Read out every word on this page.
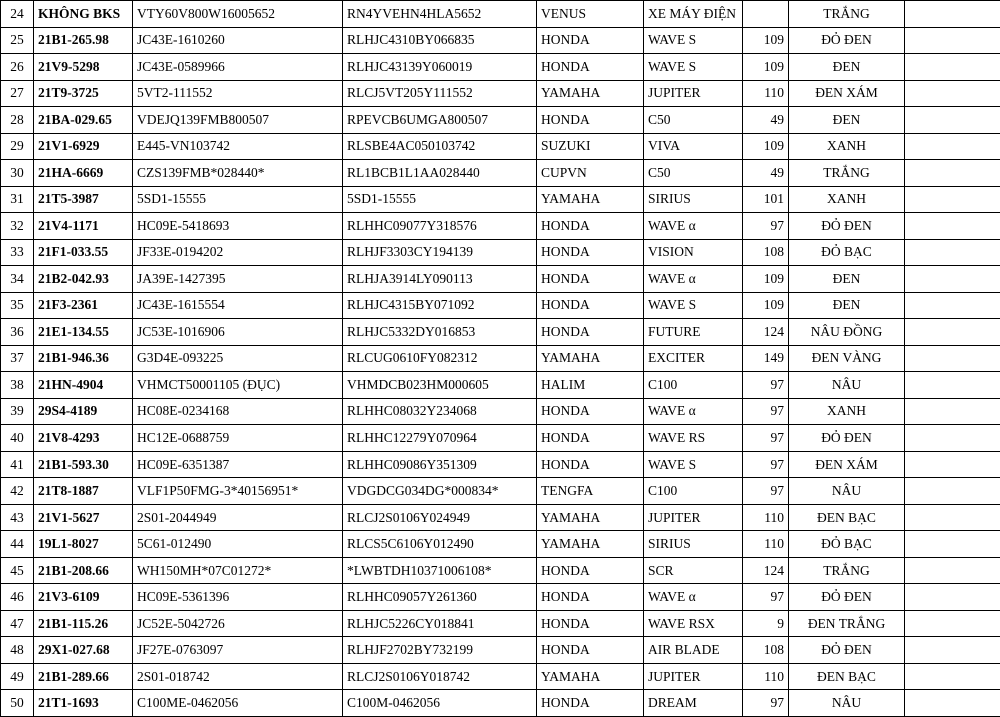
24	KHÔNG BKS	VTY60V800W16005652	RN4YVEHN4HLA5652	VENUS	XE MÁY ĐIỆN		TRẮNG	
25	21B1-265.98	JC43E-1610260	RLHJC4310BY066835	HONDA	WAVE S	109	ĐỎ ĐEN	
26	21V9-5298	JC43E-0589966	RLHJC43139Y060019	HONDA	WAVE S	109	ĐEN	
27	21T9-3725	5VT2-111552	RLCJ5VT205Y111552	YAMAHA	JUPITER	110	ĐEN XÁM	
28	21BA-029.65	VDEJQ139FMB800507	RPEVCB6UMGA800507	HONDA	C50	49	ĐEN	
29	21V1-6929	E445-VN103742	RLSBE4AC050103742	SUZUKI	VIVA	109	XANH	
30	21HA-6669	CZS139FMB*028440*	RL1BCB1L1AA028440	CUPVN	C50	49	TRẮNG	
31	21T5-3987	5SD1-15555	5SD1-15555	YAMAHA	SIRIUS	101	XANH	
32	21V4-1171	HC09E-5418693	RLHHC09077Y318576	HONDA	WAVE α	97	ĐỎ ĐEN	
33	21F1-033.55	JF33E-0194202	RLHJF3303CY194139	HONDA	VISION	108	ĐỎ BẠC	
34	21B2-042.93	JA39E-1427395	RLHJA3914LY090113	HONDA	WAVE α	109	ĐEN	
35	21F3-2361	JC43E-1615554	RLHJC4315BY071092	HONDA	WAVE S	109	ĐEN	
36	21E1-134.55	JC53E-1016906	RLHJC5332DY016853	HONDA	FUTURE	124	NÂU ĐỒNG	
37	21B1-946.36	G3D4E-093225	RLCUG0610FY082312	YAMAHA	EXCITER	149	ĐEN VÀNG	
38	21HN-4904	VHMCT50001105 (ĐỤC)	VHMDCB023HM000605	HALIM	C100	97	NÂU	
39	29S4-4189	HC08E-0234168	RLHHC08032Y234068	HONDA	WAVE α	97	XANH	
40	21V8-4293	HC12E-0688759	RLHHC12279Y070964	HONDA	WAVE RS	97	ĐỎ ĐEN	
41	21B1-593.30	HC09E-6351387	RLHHC09086Y351309	HONDA	WAVE S	97	ĐEN XÁM	
42	21T8-1887	VLF1P50FMG-3*40156951*	VDGDCG034DG*000834*	TENGFA	C100	97	NÂU	
43	21V1-5627	2S01-2044949	RLCJ2S0106Y024949	YAMAHA	JUPITER	110	ĐEN BẠC	
44	19L1-8027	5C61-012490	RLCS5C6106Y012490	YAMAHA	SIRIUS	110	ĐỎ BẠC	
45	21B1-208.66	WH150MH*07C01272*	*LWBTDH10371006108*	HONDA	SCR	124	TRẮNG	
46	21V3-6109	HC09E-5361396	RLHHC09057Y261360	HONDA	WAVE α	97	ĐỎ ĐEN	
47	21B1-115.26	JC52E-5042726	RLHJC5226CY018841	HONDA	WAVE RSX	9	ĐEN TRẮNG	
48	29X1-027.68	JF27E-0763097	RLHJF2702BY732199	HONDA	AIR BLADE	108	ĐỎ ĐEN	
49	21B1-289.66	2S01-018742	RLCJ2S0106Y018742	YAMAHA	JUPITER	110	ĐEN BẠC	
50	21T1-1693	C100ME-0462056	C100M-0462056	HONDA	DREAM	97	NÂU	
